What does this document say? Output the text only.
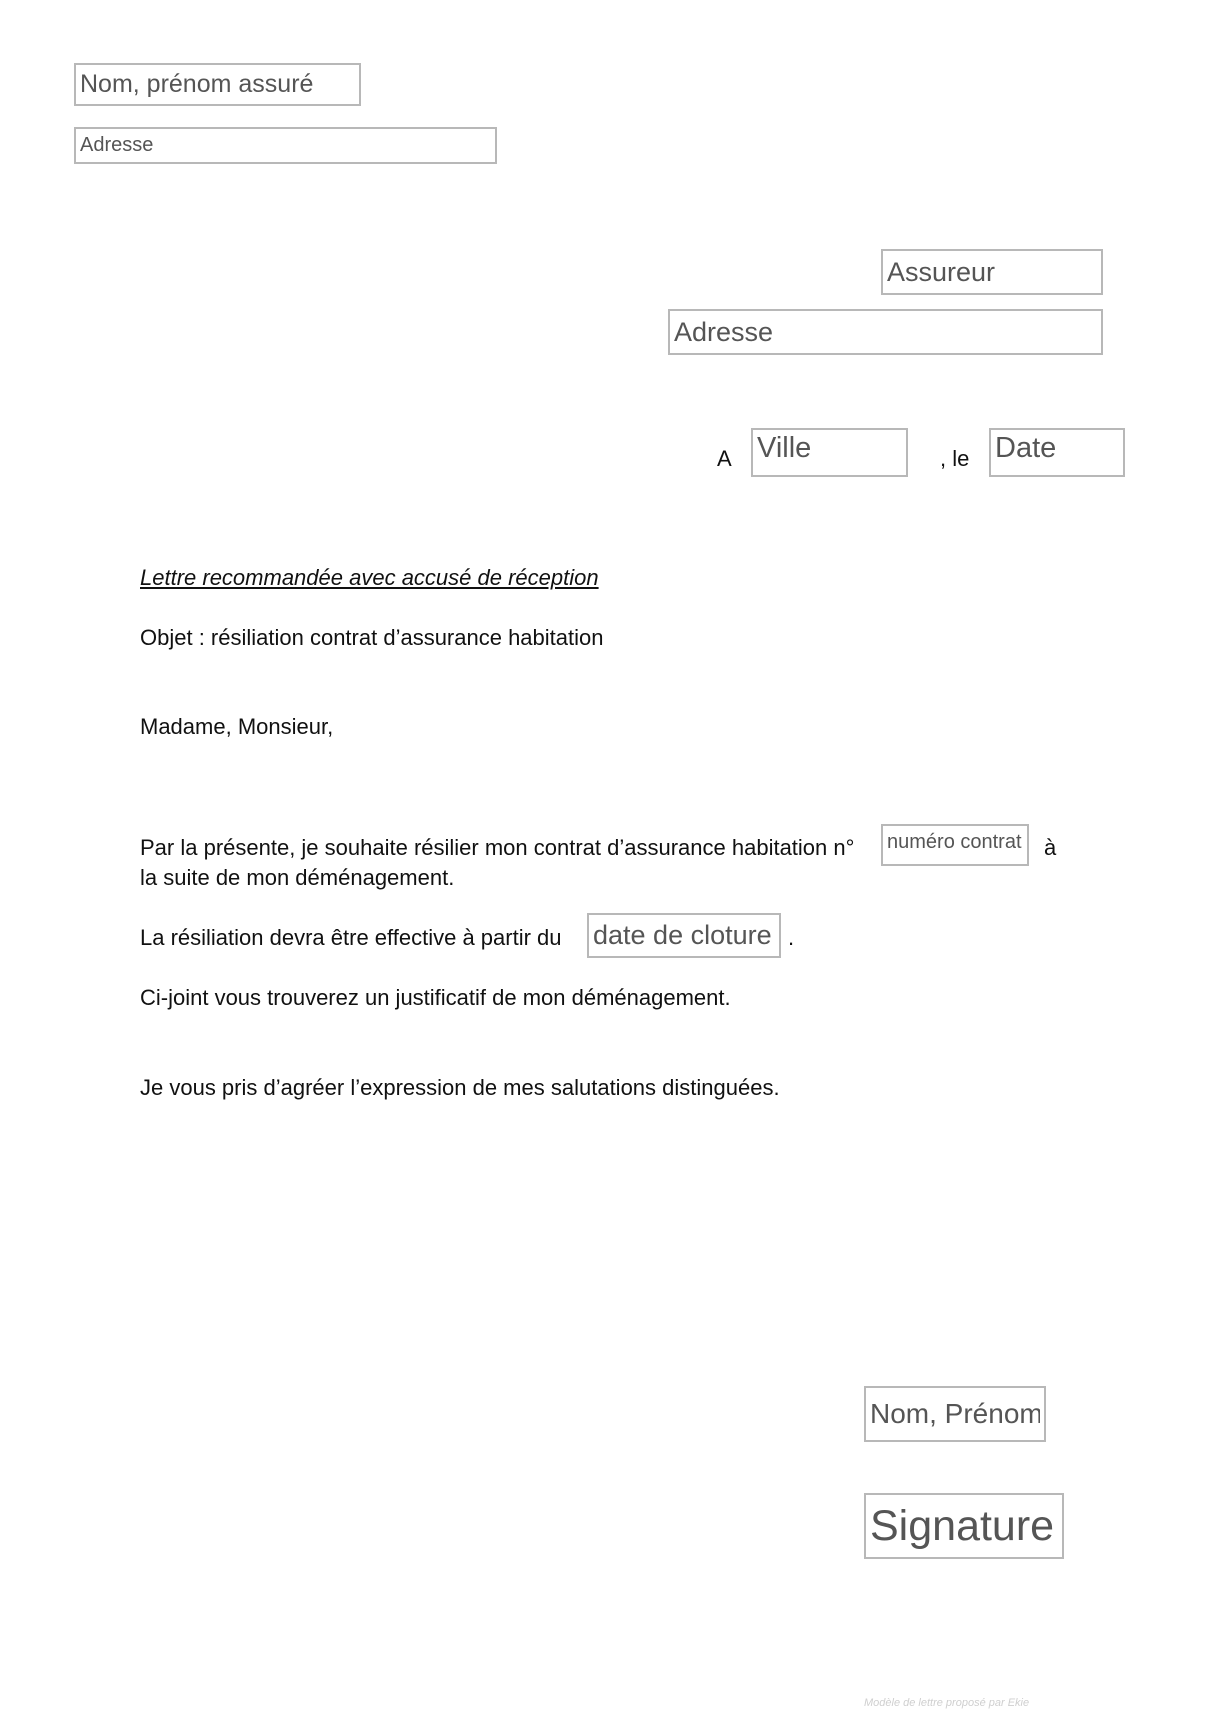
Nom, prénom assuré
Adresse
Assureur
Adresse
A
Ville	, le
Date

Lettre recommandée avec accusé de réception

Objet : résiliation contrat d’assurance habitation

Madame, Monsieur,

Par la présente, je souhaite résilier mon contrat d’assurance habitation n°

numéro contrat	à

la suite de mon déménagement.

La résiliation devra être effective à partir du

date de cloture	.

Ci-joint vous trouverez un justificatif de mon déménagement.

Je vous pris d’agréer l’expression de mes salutations distinguées.

Nom, Prénom
Signature
Modèle de lettre proposé par Ekie
